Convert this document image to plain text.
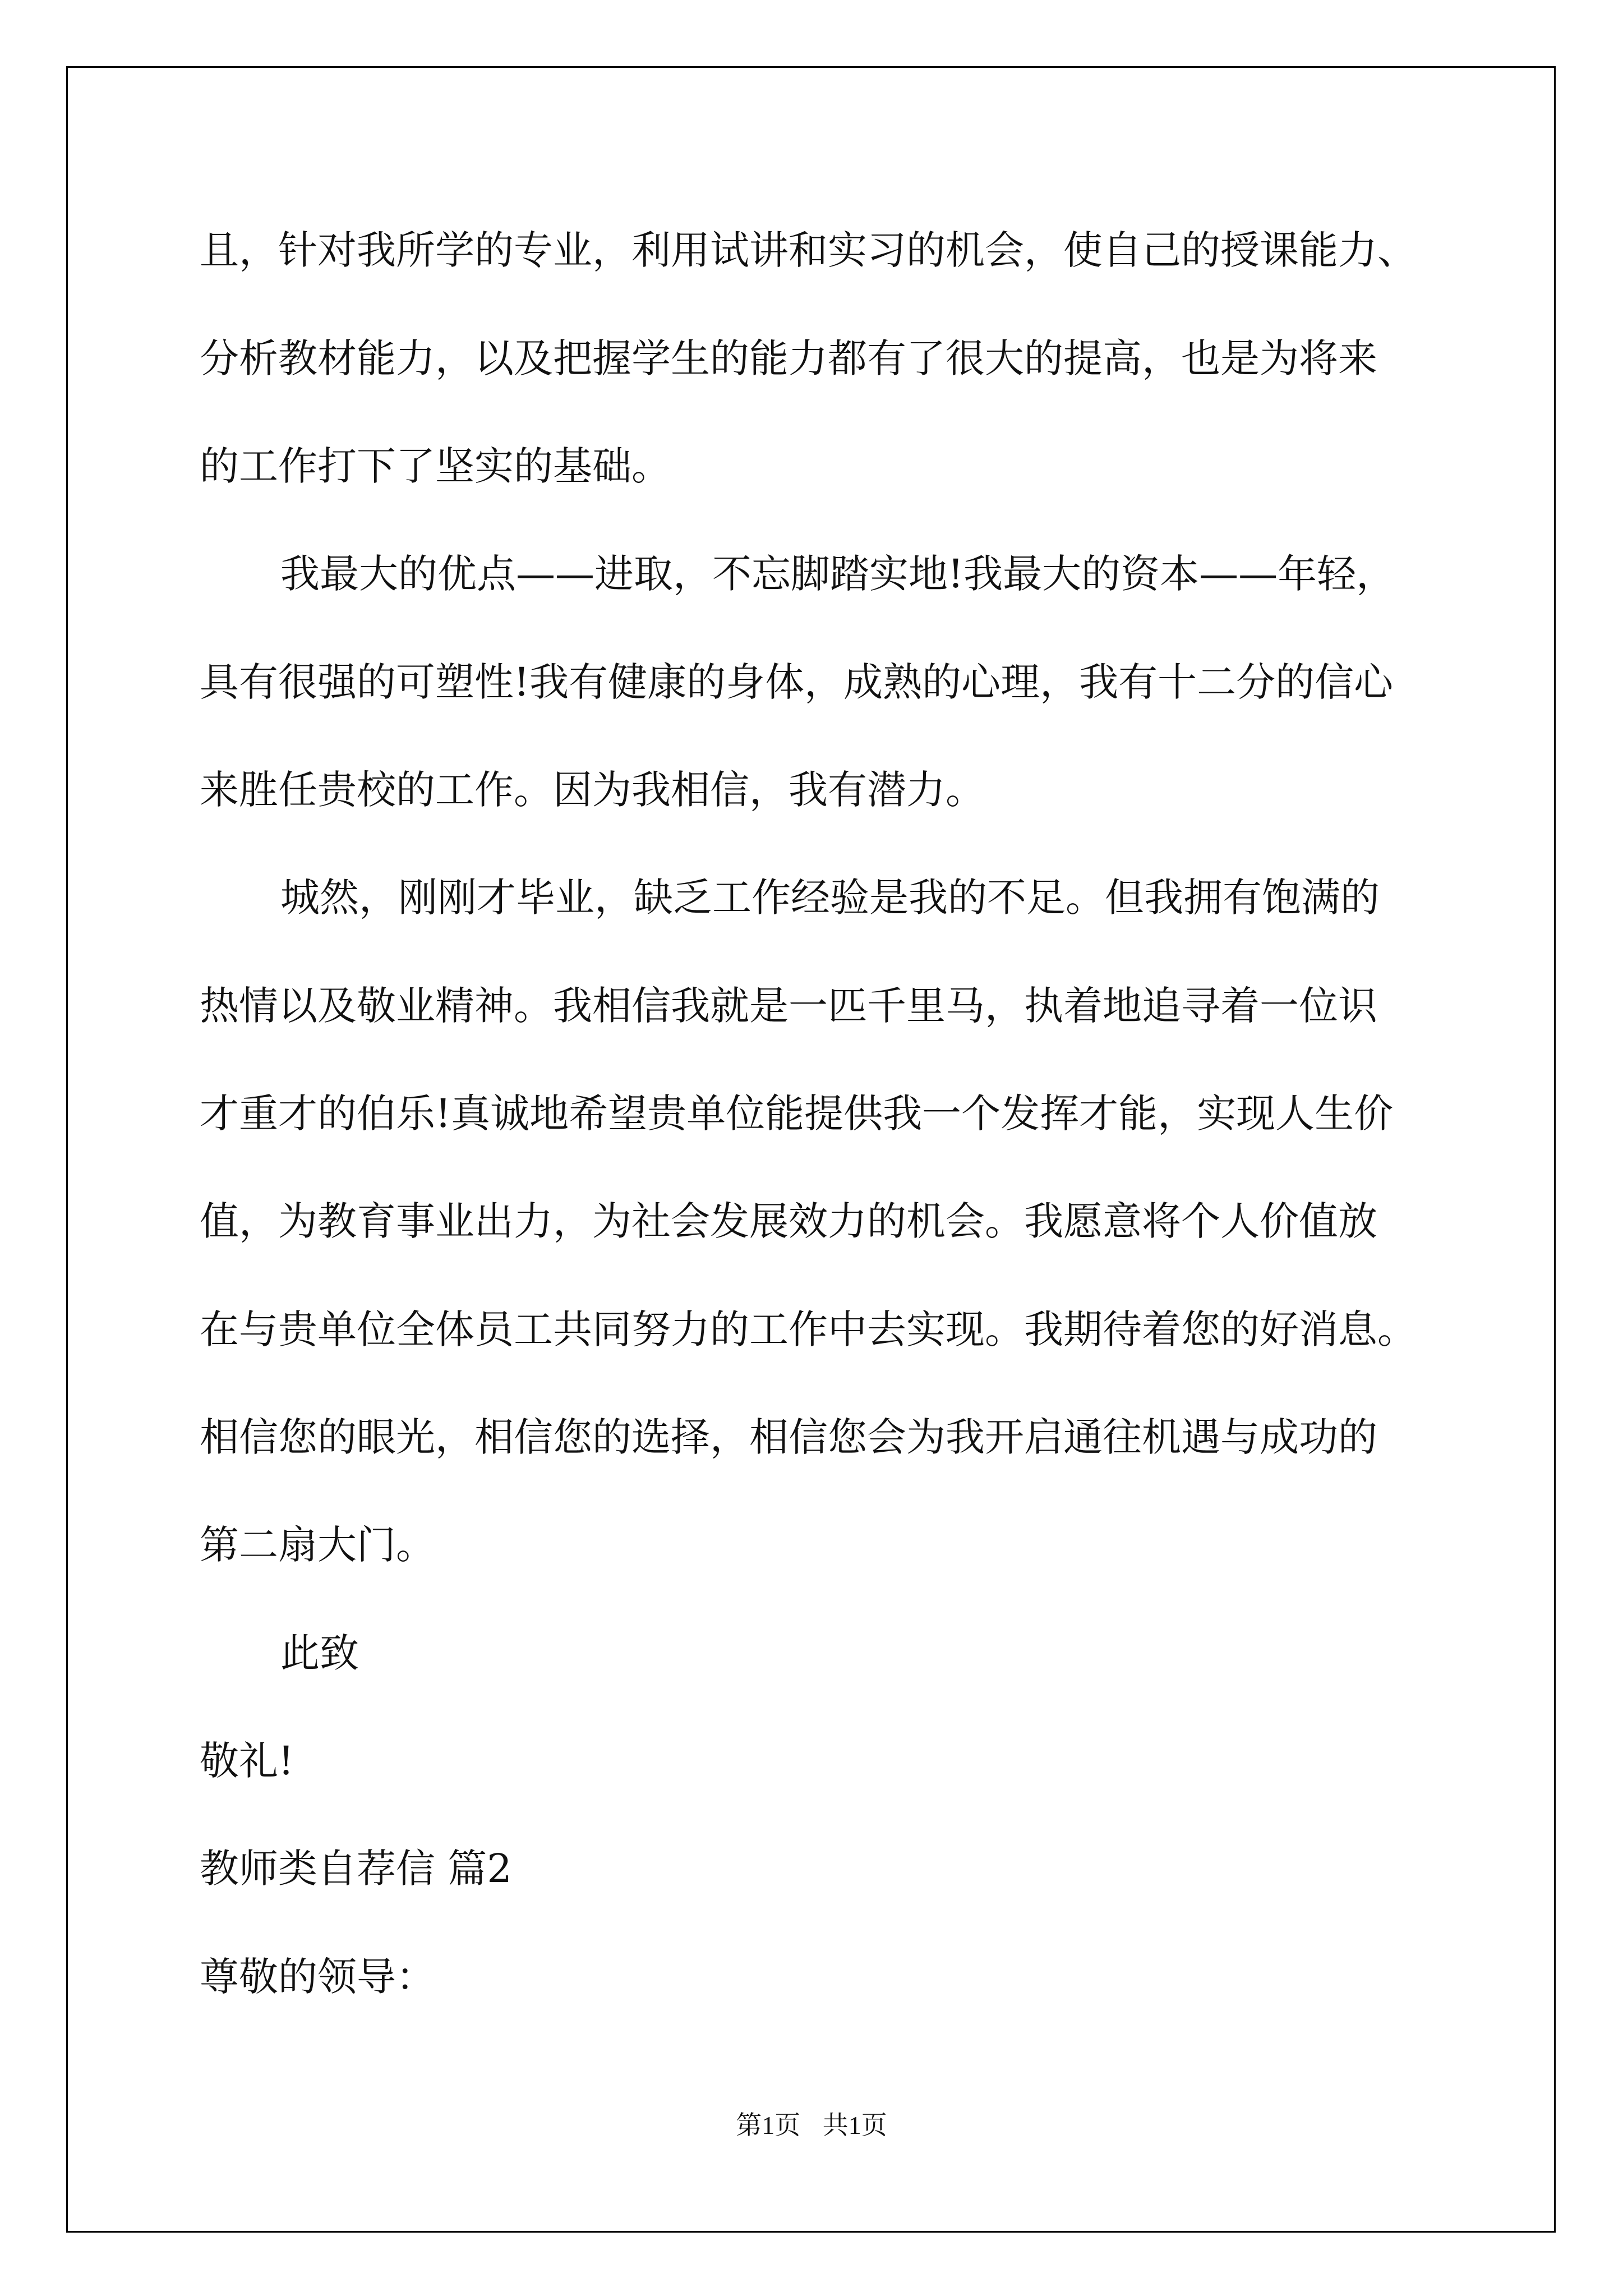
且，针对我所学的专业，利用试讲和实习的机会，使自己的授课能力、
分析教材能力，以及把握学生的能力都有了很大的提高，也是为将来
的工作打下了坚实的基础。
我最大的优点——进取，不忘脚踏实地!我最大的资本——年轻，
具有很强的可塑性!我有健康的身体，成熟的心理，我有十二分的信心
来胜任贵校的工作。因为我相信，我有潜力。
城然，刚刚才毕业，缺乏工作经验是我的不足。但我拥有饱满的
热情以及敬业精神。我相信我就是一匹千里马，执着地追寻着一位识
才重才的伯乐!真诚地希望贵单位能提供我一个发挥才能，实现人生价
值，为教育事业出力，为社会发展效力的机会。我愿意将个人价值放
在与贵单位全体员工共同努力的工作中去实现。我期待着您的好消息。
相信您的眼光，相信您的选择，相信您会为我开启通往机遇与成功的
第二扇大门。
此致
敬礼!
教师类自荐信 篇2
尊敬的领导：
第1页 共1页
